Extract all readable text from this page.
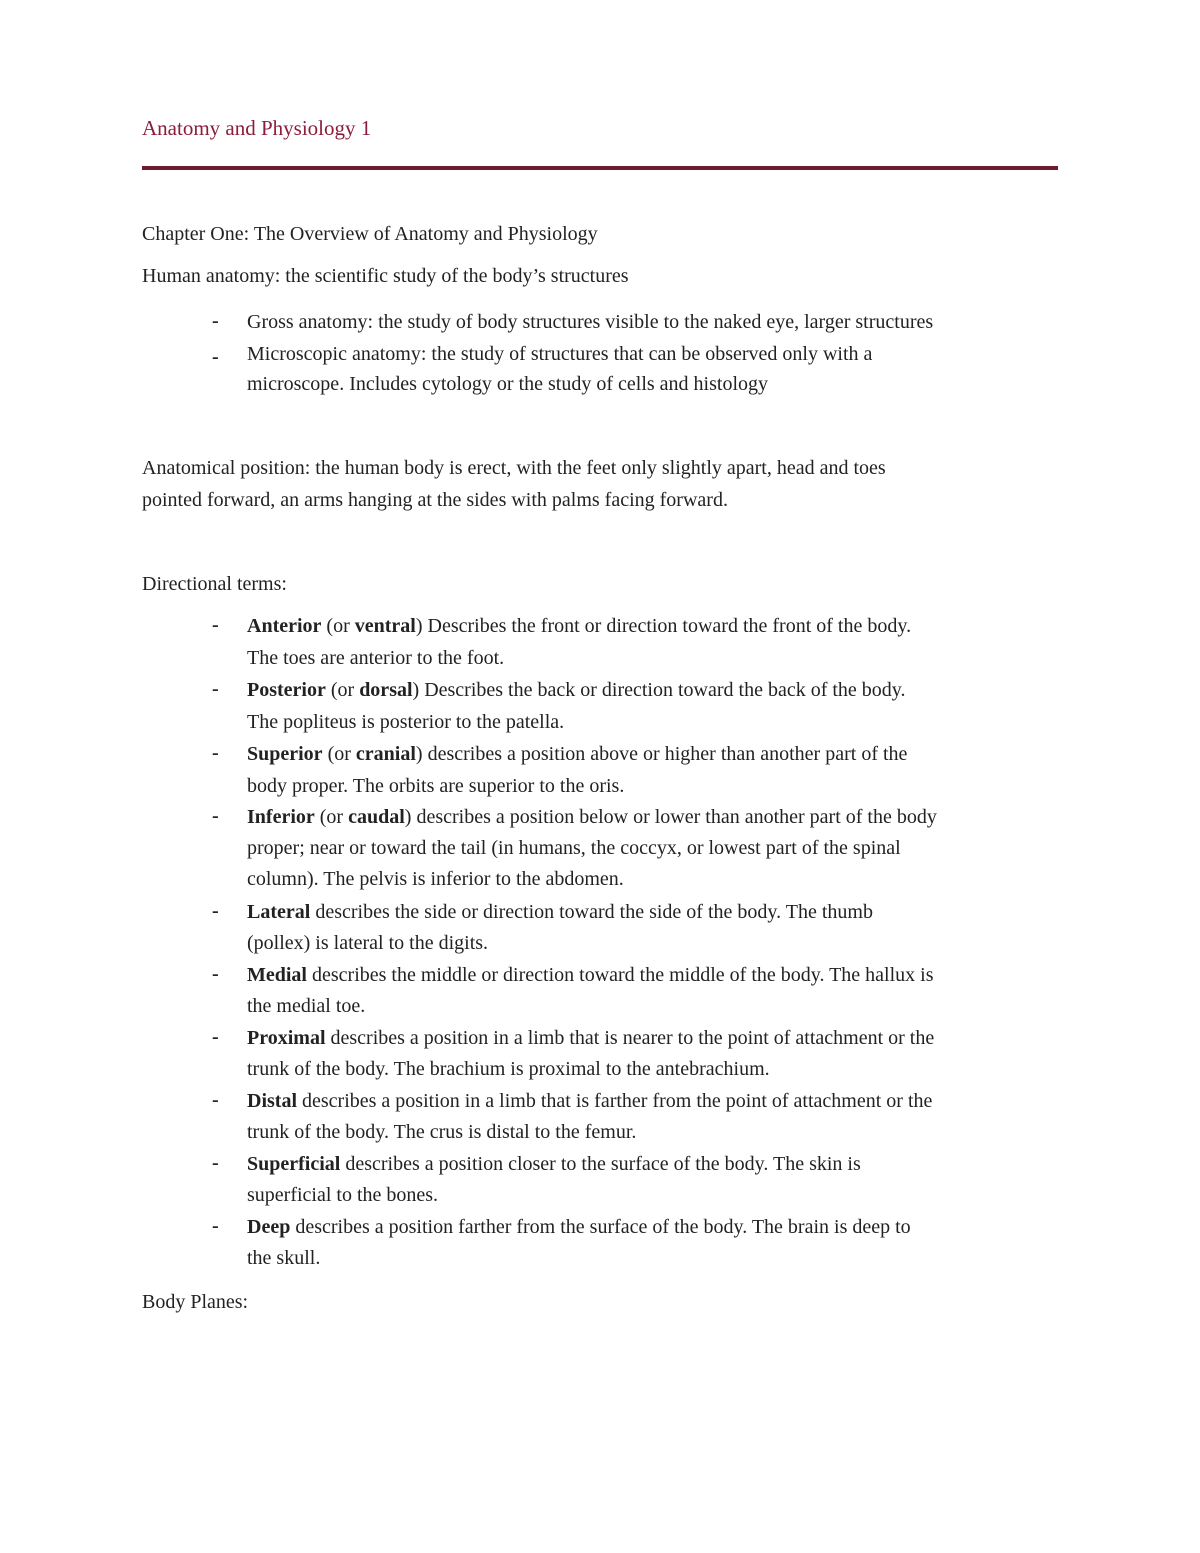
Anatomy and Physiology 1
Chapter One: The Overview of Anatomy and Physiology
Human anatomy: the scientific study of the body’s structures
- Gross anatomy: the study of body structures visible to the naked eye, larger structures
- Microscopic anatomy: the study of structures that can be observed only with a
microscope. Includes cytology or the study of cells and histology
Anatomical position: the human body is erect, with the feet only slightly apart, head and toes
pointed forward, an arms hanging at the sides with palms facing forward.
Directional terms:
- Anterior (or ventral) Describes the front or direction toward the front of the body.
The toes are anterior to the foot.
- Posterior (or dorsal) Describes the back or direction toward the back of the body.
The popliteus is posterior to the patella.
- Superior (or cranial) describes a position above or higher than another part of the
body proper. The orbits are superior to the oris.
- Inferior (or caudal) describes a position below or lower than another part of the body
proper; near or toward the tail (in humans, the coccyx, or lowest part of the spinal
column). The pelvis is inferior to the abdomen.
- Lateral describes the side or direction toward the side of the body. The thumb
(pollex) is lateral to the digits.
- Medial describes the middle or direction toward the middle of the body. The hallux is
the medial toe.
- Proximal describes a position in a limb that is nearer to the point of attachment or the
trunk of the body. The brachium is proximal to the antebrachium.
- Distal describes a position in a limb that is farther from the point of attachment or the
trunk of the body. The crus is distal to the femur.
- Superficial describes a position closer to the surface of the body. The skin is
superficial to the bones.
- Deep describes a position farther from the surface of the body. The brain is deep to
the skull.
Body Planes:
